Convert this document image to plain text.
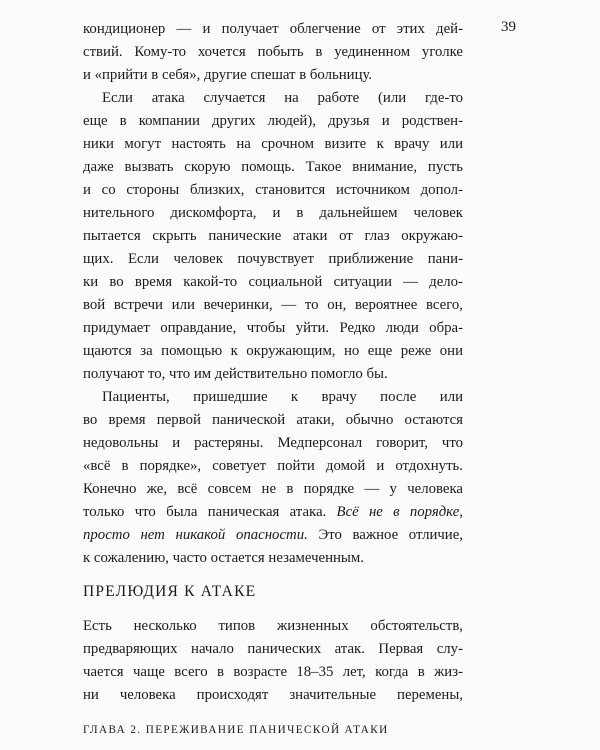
39
кондиционер — и получает облегчение от этих дей-
ствий. Кому-то хочется побыть в уединенном уголке
и «прийти в себя», другие спешат в больницу.
Если атака случается на работе (или где-то
еще в компании других людей), друзья и родствен-
ники могут настоять на срочном визите к врачу или
даже вызвать скорую помощь. Такое внимание, пусть
и со стороны близких, становится источником допол-
нительного дискомфорта, и в дальнейшем человек
пытается скрыть панические атаки от глаз окружаю-
щих. Если человек почувствует приближение пани-
ки во время какой-то социальной ситуации — дело-
вой встречи или вечеринки, — то он, вероятнее всего,
придумает оправдание, чтобы уйти. Редко люди обра-
щаются за помощью к окружающим, но еще реже они
получают то, что им действительно помогло бы.
Пациенты, пришедшие к врачу после или
во время первой панической атаки, обычно остаются
недовольны и растеряны. Медперсонал говорит, что
«всё в порядке», советует пойти домой и отдохнуть.
Конечно же, всё совсем не в порядке — у человека
только что была паническая атака. Всё не в порядке,
просто нет никакой опасности. Это важное отличие,
к сожалению, часто остается незамеченным.
ПРЕЛЮДИЯ К АТАКЕ
Есть несколько типов жизненных обстоятельств,
предваряющих начало панических атак. Первая слу-
чается чаще всего в возрасте 18–35 лет, когда в жиз-
ни человека происходят значительные перемены,
ГЛАВА 2. ПЕРЕЖИВАНИЕ ПАНИЧЕСКОЙ АТАКИ
